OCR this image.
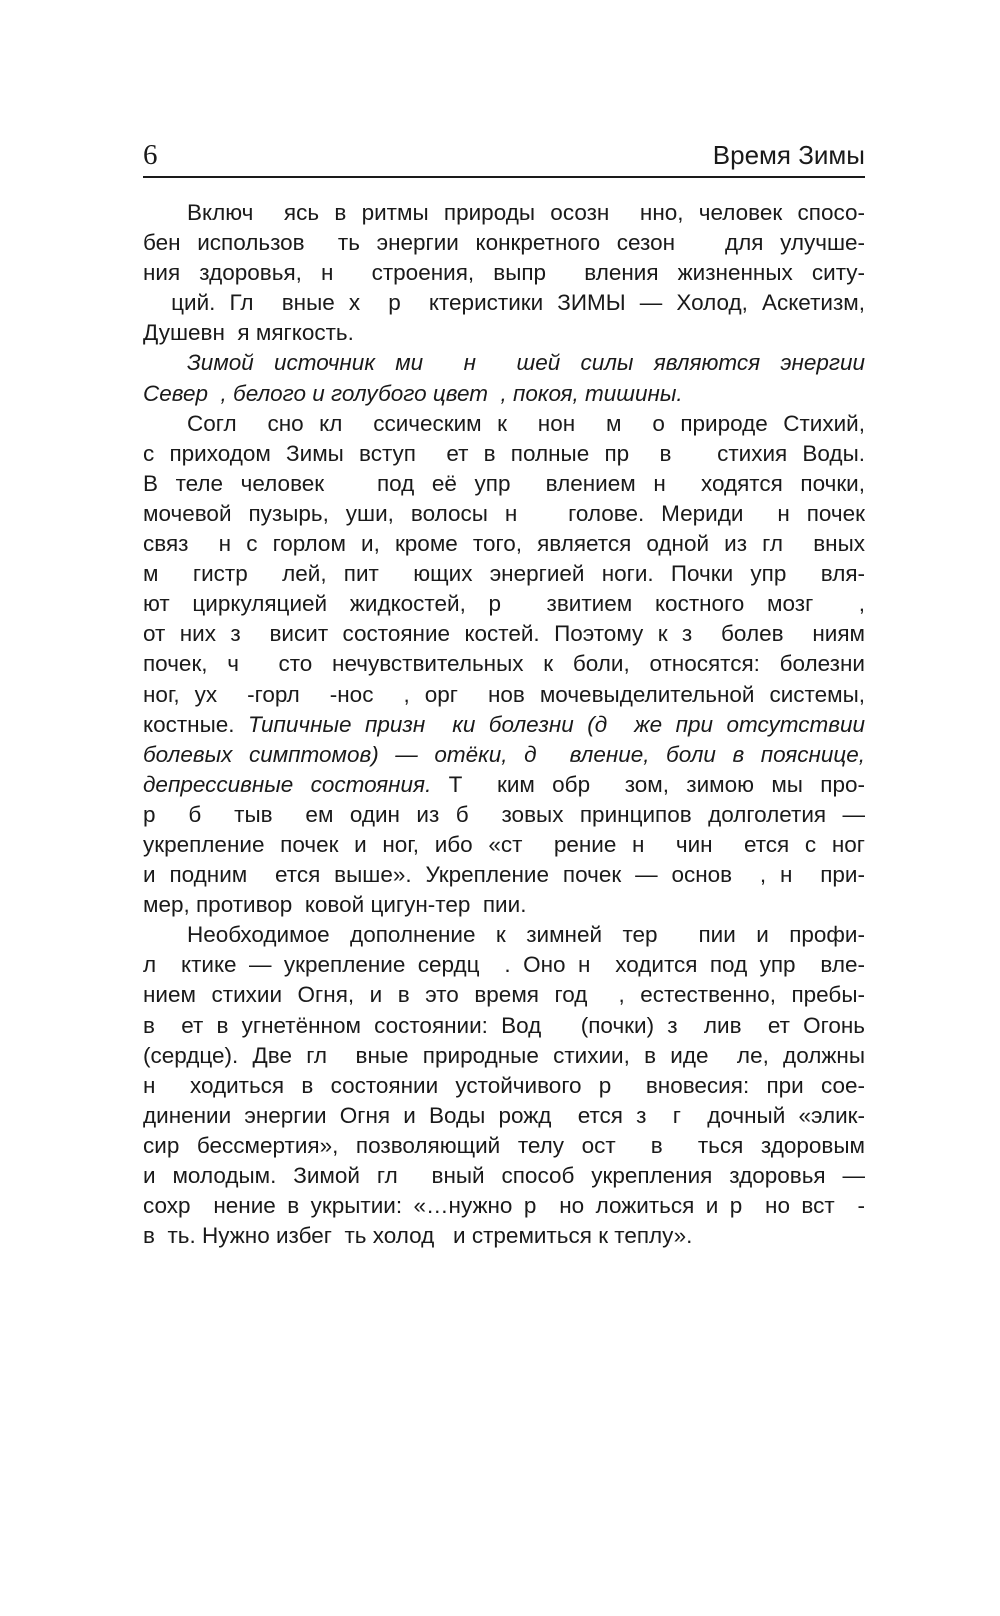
6	Время Зимы
Включ  ясь в ритмы природы осозн  нно, человек спосо-
бен использов  ть энергии конкретного сезон   для улучше-
ния здоровья, н  строения, выпр  вления жизненных ситу-
ций. Гл  вные х  р  ктеристики ЗИМЫ — Холод, Аскетизм,
Душевн  я мягкость.
Зимой источник ми  н  шей силы являются энергии
Север  , белого и голубого цвет  , покоя, тишины.
Согл  сно кл  ссическим к  нон  м  о природе Стихий,
с приходом Зимы вступ  ет в полные пр  в   стихия Воды.
В теле человек   под её упр  влением н  ходятся почки,
мочевой пузырь, уши, волосы н   голове. Мериди  н почек
связ  н с горлом и, кроме того, является одной из гл  вных
м  гистр  лей, пит  ющих энергией ноги. Почки упр  вля-
ют циркуляцией жидкостей, р  звитием костного мозг  ,
от них з  висит состояние костей. Поэтому к з  болев  ниям
почек, ч  сто нечувствительных к боли, относятся: болезни
ног, ух  -горл  -нос  , орг  нов мочевыделительной системы,
костные. Типичные призн  ки болезни (д  же при отсутствии
болевых симптомов) — отёки, д  вление, боли в пояснице,
депрессивные состояния. Т  ким обр  зом, зимою мы про-
р  б  тыв  ем один из б  зовых принципов долголетия —
укрепление почек и ног, ибо «ст  рение н  чин  ется с ног
и подним  ется выше». Укрепление почек — основ  , н  при-
мер, противор  ковой цигун-тер  пии.
Необходимое дополнение к зимней тер  пии и профи-
л  ктике — укрепление сердц  . Оно н  ходится под упр  вле-
нием стихии Огня, и в это время год  , естественно, пребы-
в  ет в угнетённом состоянии: Вод   (почки) з  лив  ет Огонь
(сердце). Две гл  вные природные стихии, в иде  ле, должны
н  ходиться в состоянии устойчивого р  вновесия: при сое-
динении энергии Огня и Воды рожд  ется з  г  дочный «элик-
сир бессмертия», позволяющий телу ост  в  ться здоровым
и молодым. Зимой гл  вный способ укрепления здоровья —
сохр  нение в укрытии: «…нужно р  но ложиться и р  но вст  -
в  ть. Нужно избег  ть холод   и стремиться к теплу».
